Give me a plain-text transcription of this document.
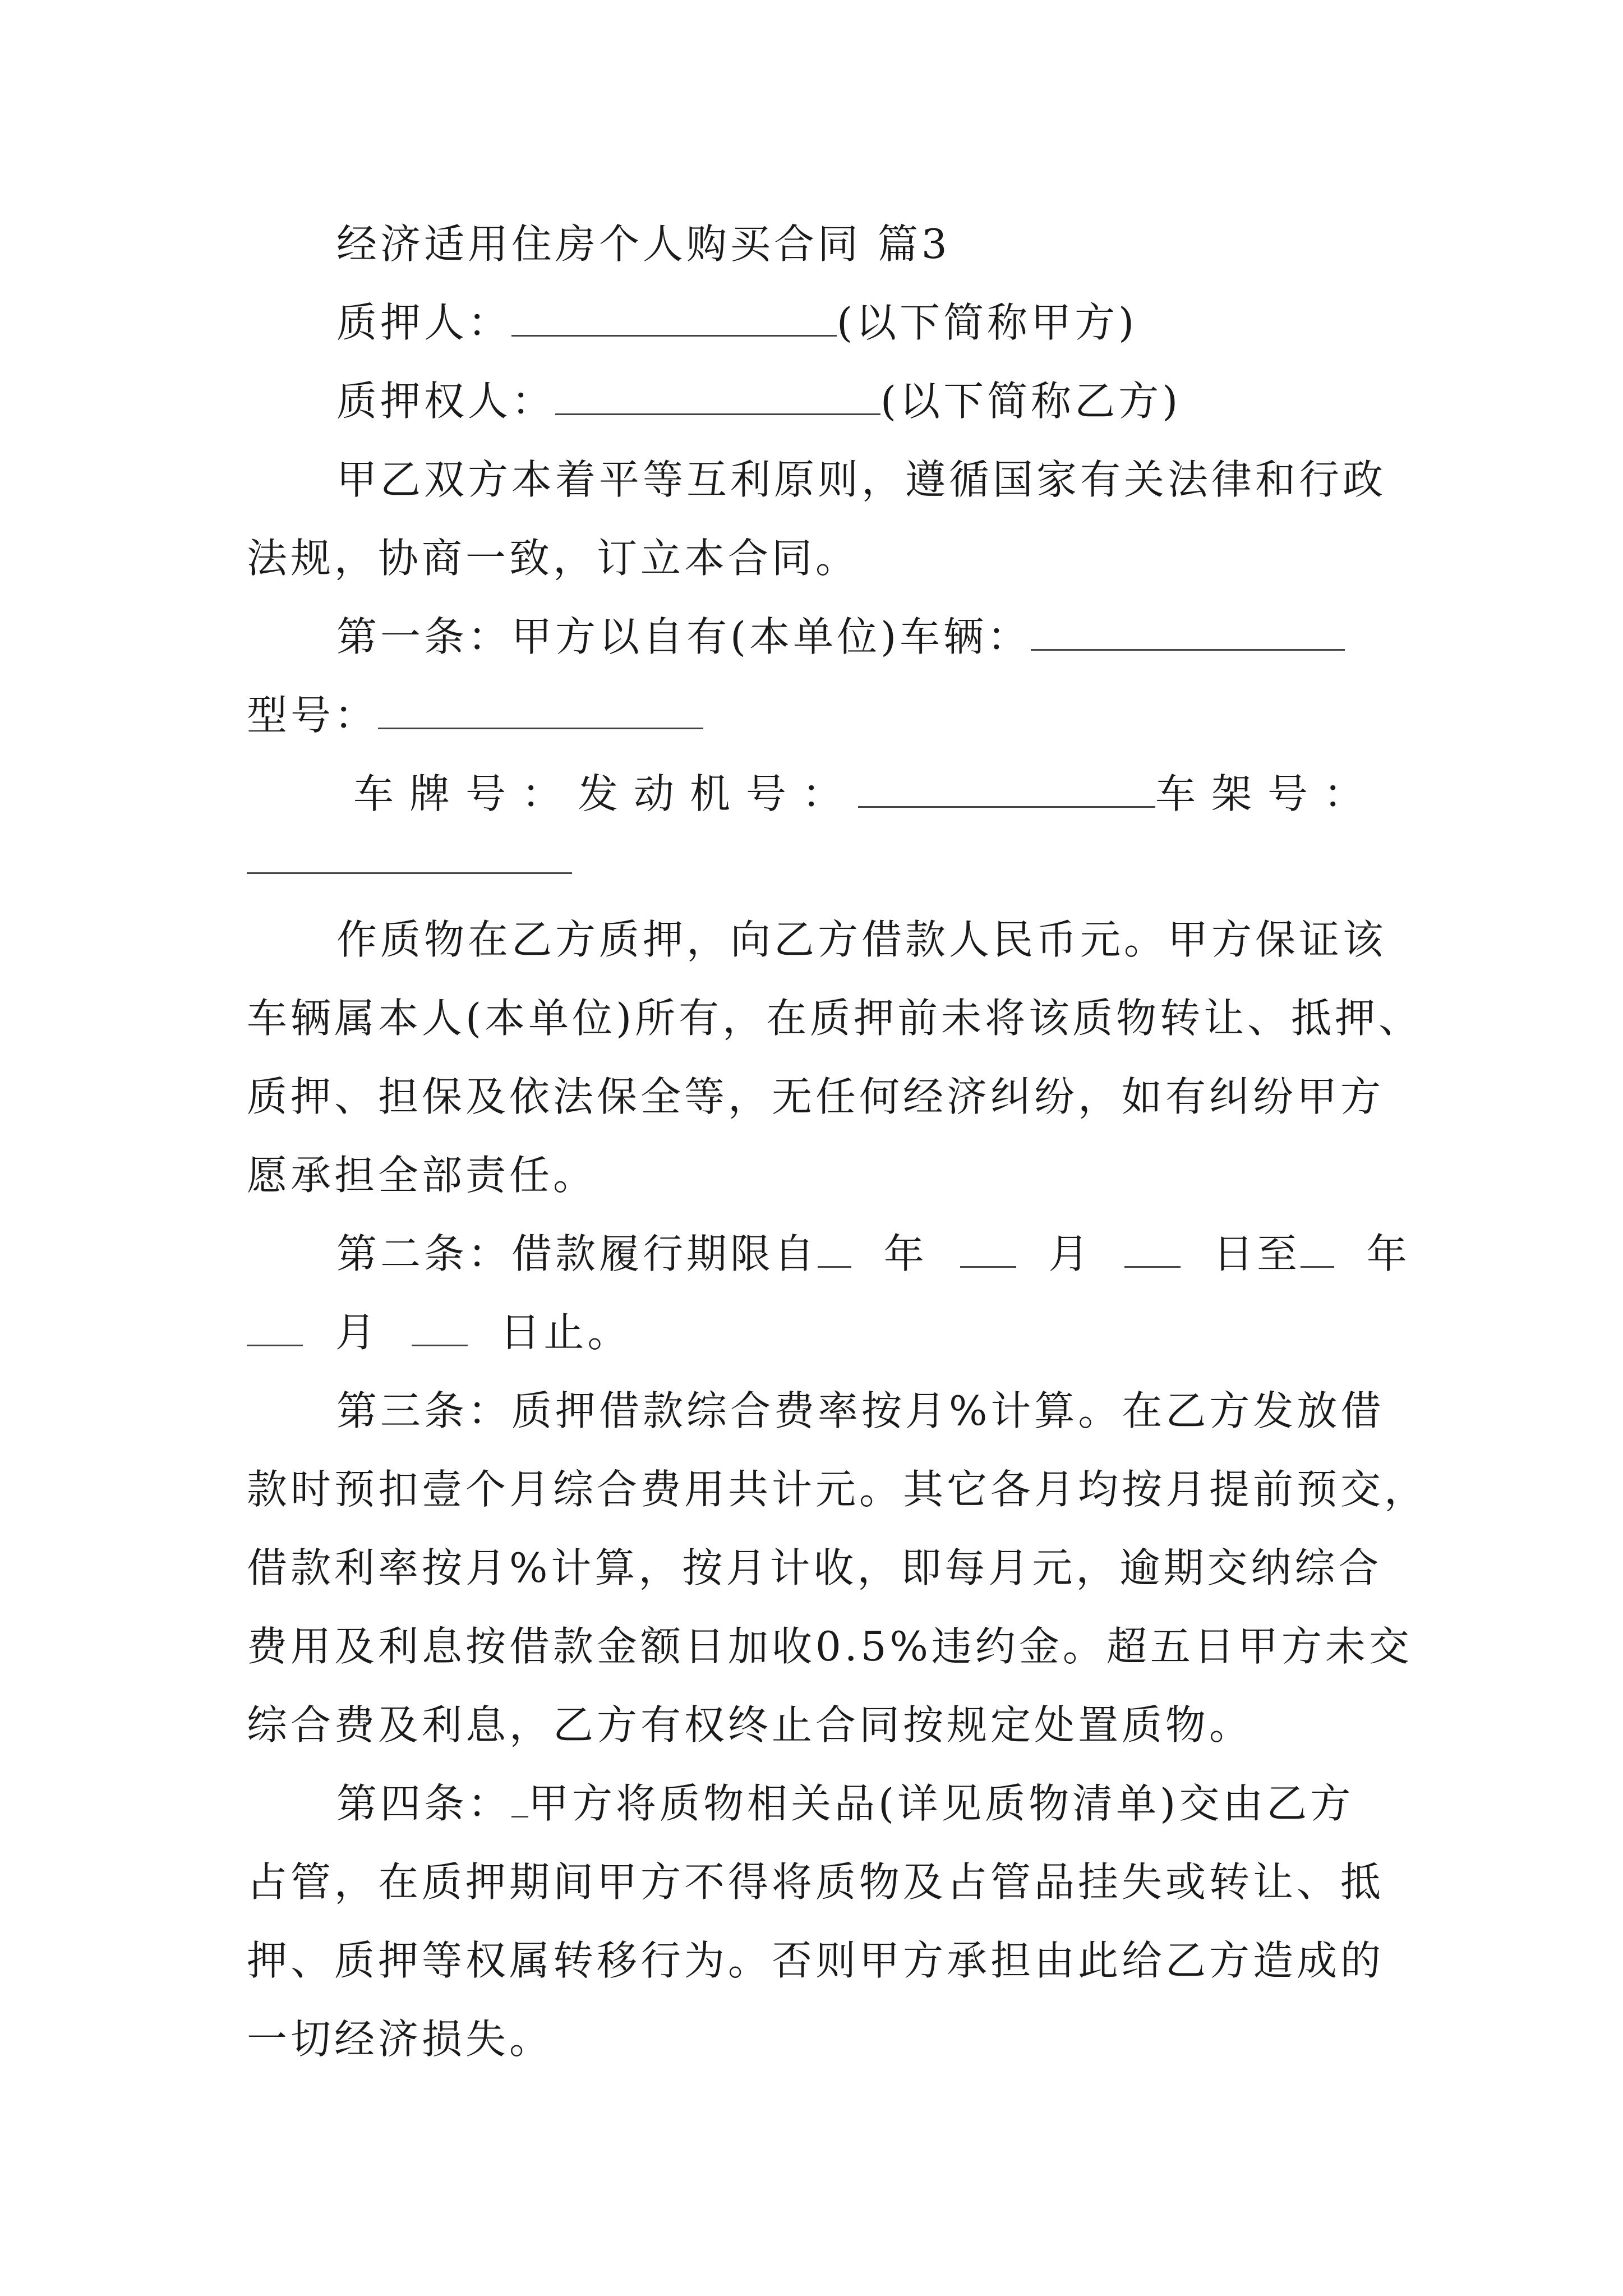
经济适用住房个人购买合同 篇3
质押人：	(以下简称甲方)
质押权人：	(以下简称乙方)
甲乙双方本着平等互利原则，遵循国家有关法律和行政
法规，协商一致，订立本合同。
第一条：甲方以自有(本单位)车辆：
型号：
车牌号： 发动机号：	车架号：
作质物在乙方质押，向乙方借款人民币元。甲方保证该
车辆属本人(本单位)所有，在质押前未将该质物转让、抵押、
质押、担保及依法保全等，无任何经济纠纷，如有纠纷甲方
愿承担全部责任。
第二条：借款履行期限自 年	月	日至 年
月	日止。
第三条：质押借款综合费率按月%计算。在乙方发放借
款时预扣壹个月综合费用共计元。其它各月均按月提前预交，
借款利率按月%计算，按月计收，即每月元，逾期交纳综合
费用及利息按借款金额日加收0.5%违约金。超五日甲方未交
综合费及利息，乙方有权终止合同按规定处置质物。
第四条： 甲方将质物相关品(详见质物清单)交由乙方
占管，在质押期间甲方不得将质物及占管品挂失或转让、抵
押、质押等权属转移行为。否则甲方承担由此给乙方造成的
一切经济损失。
